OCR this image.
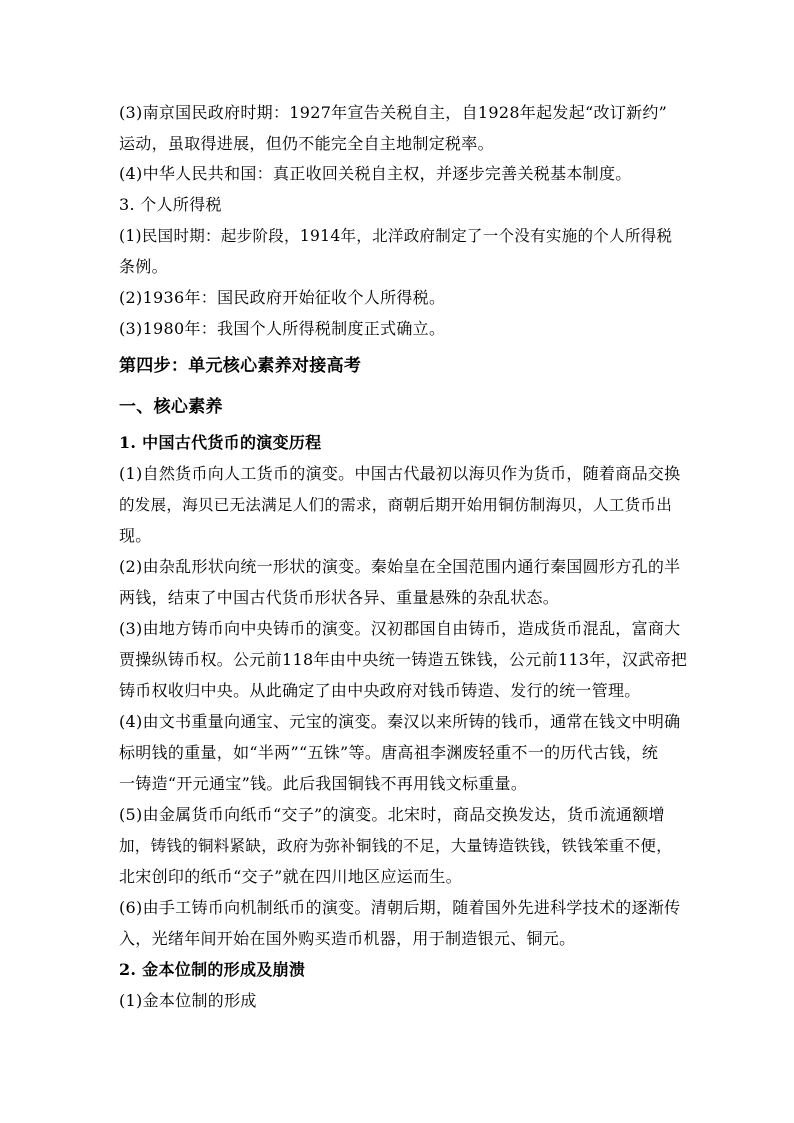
(3)南京国民政府时期：1927年宣告关税自主，自1928年起发起“改订新约”
运动，虽取得进展，但仍不能完全自主地制定税率。
(4)中华人民共和国：真正收回关税自主权，并逐步完善关税基本制度。
3. 个人所得税
(1)民国时期：起步阶段，1914年，北洋政府制定了一个没有实施的个人所得税
条例。
(2)1936年：国民政府开始征收个人所得税。
(3)1980年：我国个人所得税制度正式确立。
第四步：单元核心素养对接高考
一、核心素养
1. 中国古代货币的演变历程
(1)自然货币向人工货币的演变。中国古代最初以海贝作为货币，随着商品交换
的发展，海贝已无法满足人们的需求，商朝后期开始用铜仿制海贝，人工货币出
现。
(2)由杂乱形状向统一形状的演变。秦始皇在全国范围内通行秦国圆形方孔的半
两钱，结束了中国古代货币形状各异、重量悬殊的杂乱状态。
(3)由地方铸币向中央铸币的演变。汉初郡国自由铸币，造成货币混乱，富商大
贾操纵铸币权。公元前118年由中央统一铸造五铢钱，公元前113年，汉武帝把
铸币权收归中央。从此确定了由中央政府对钱币铸造、发行的统一管理。
(4)由文书重量向通宝、元宝的演变。秦汉以来所铸的钱币，通常在钱文中明确
标明钱的重量，如“半两”“五铢”等。唐高祖李渊废轻重不一的历代古钱，统
一铸造“开元通宝”钱。此后我国铜钱不再用钱文标重量。
(5)由金属货币向纸币“交子”的演变。北宋时，商品交换发达，货币流通额增
加，铸钱的铜料紧缺，政府为弥补铜钱的不足，大量铸造铁钱，铁钱笨重不便，
北宋创印的纸币“交子”就在四川地区应运而生。
(6)由手工铸币向机制纸币的演变。清朝后期，随着国外先进科学技术的逐渐传
入，光绪年间开始在国外购买造币机器，用于制造银元、铜元。
2. 金本位制的形成及崩溃
(1)金本位制的形成
